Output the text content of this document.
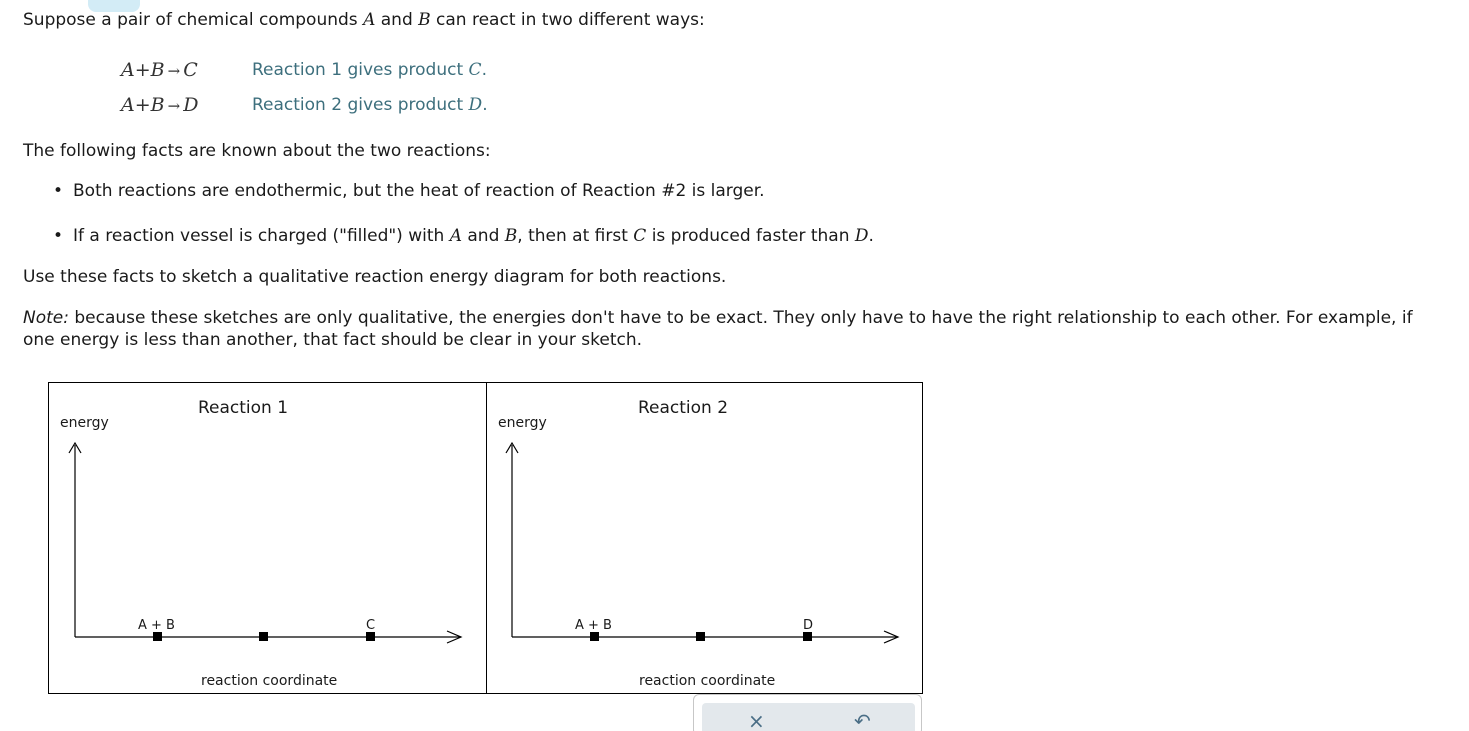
Suppose a pair of chemical compounds A and B can react in two different ways:

A+B → C	Reaction 1 gives product C.
A+B → D	Reaction 2 gives product D.

The following facts are known about the two reactions:

• Both reactions are endothermic, but the heat of reaction of Reaction #2 is larger.
• If a reaction vessel is charged ("filled") with A and B, then at first C is produced faster than D.

Use these facts to sketch a qualitative reaction energy diagram for both reactions.

Note: because these sketches are only qualitative, the energies don't have to be exact. They only have to have the right relationship to each other. For example, if one energy is less than another, that fact should be clear in your sketch.

Reaction 1
energy
reaction coordinate
A + B	C
Reaction 2
energy
reaction coordinate
A + B	D
×	↶
